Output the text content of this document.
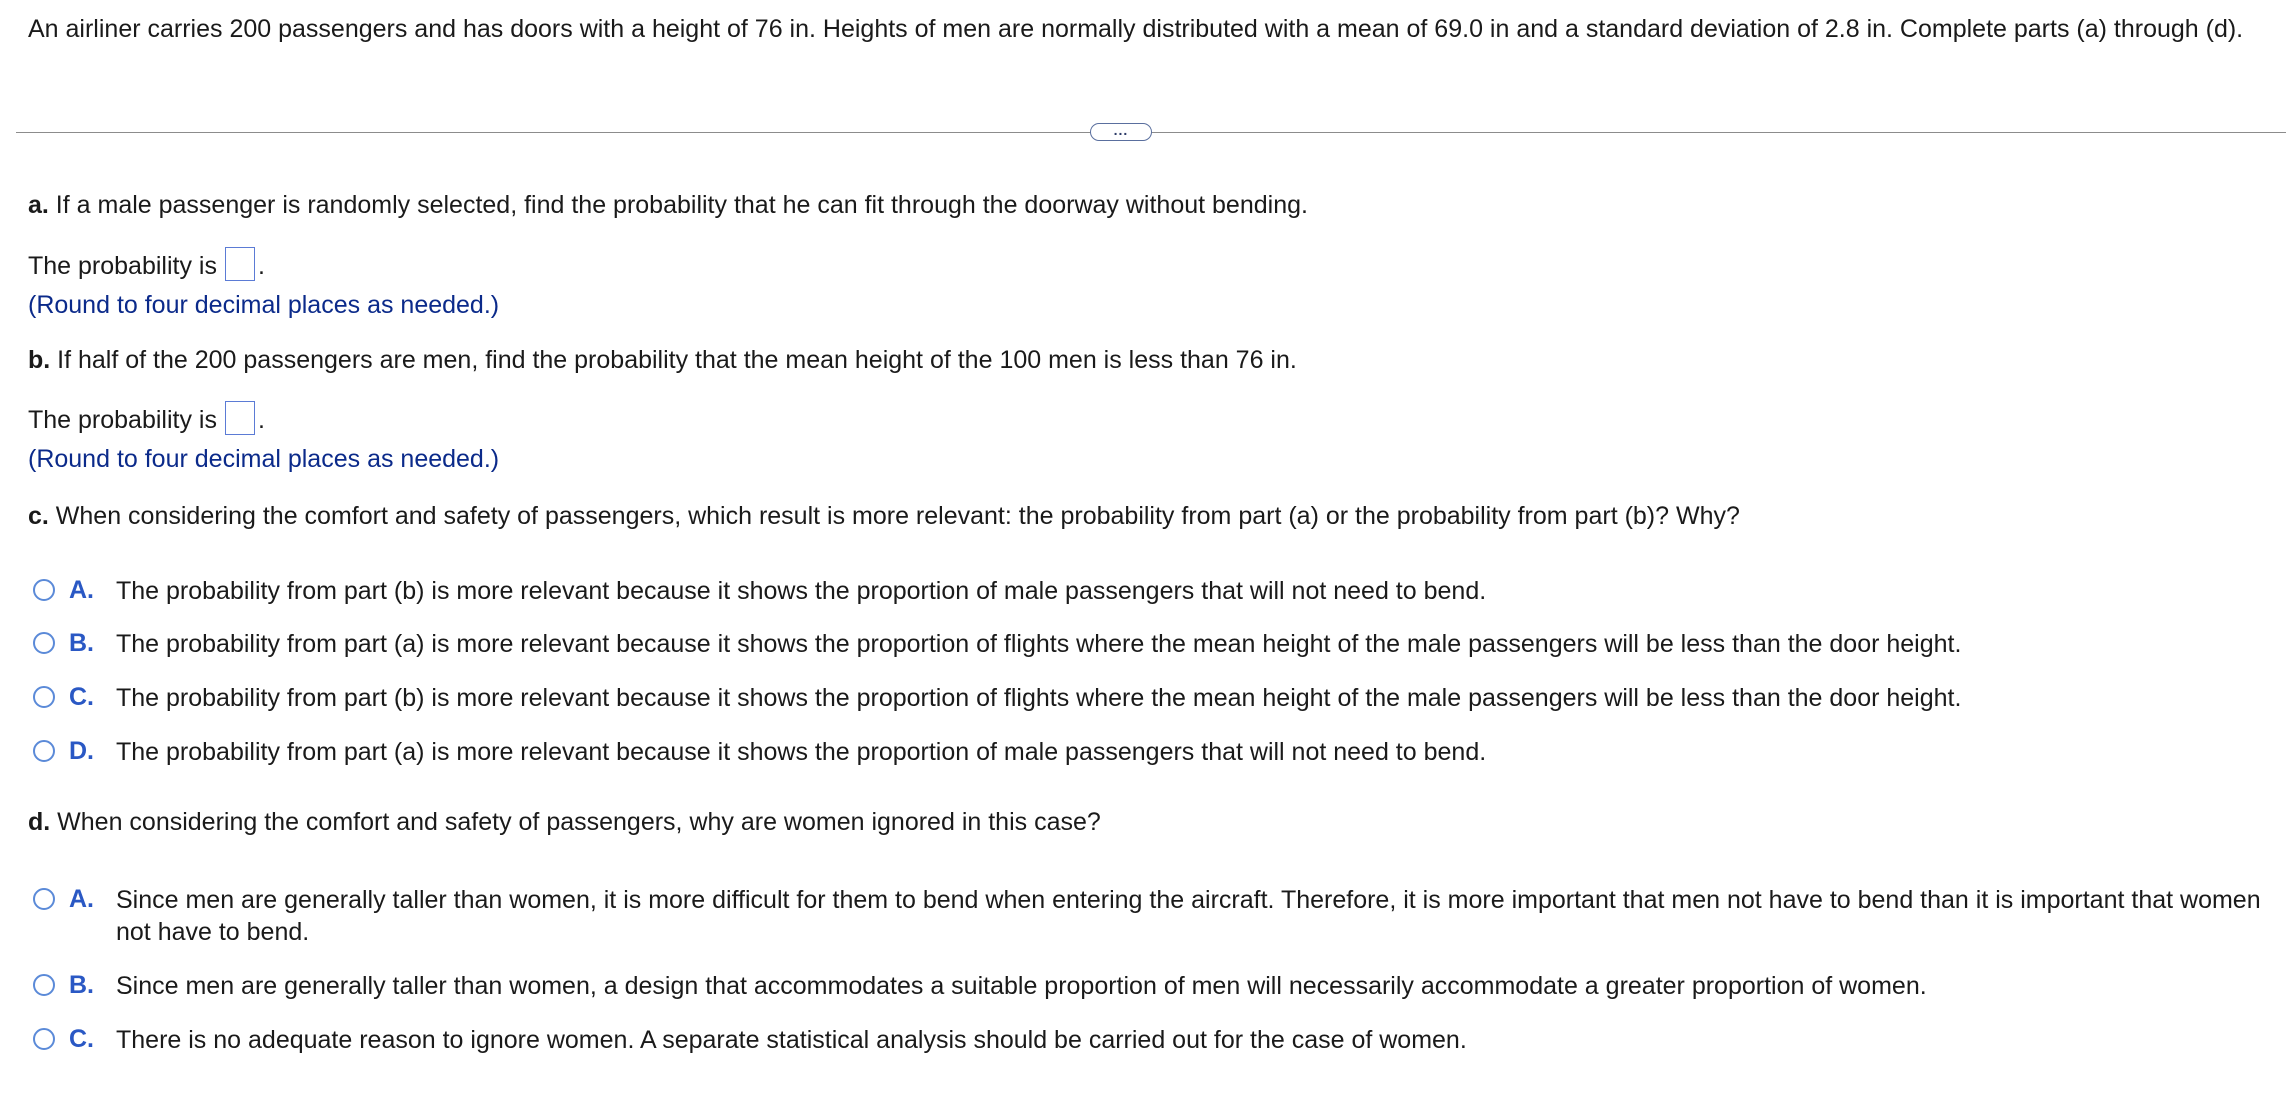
An airliner carries 200 passengers and has doors with a height of 76 in. Heights of men are normally distributed with a mean of 69.0 in and a standard deviation of 2.8 in. Complete parts (a) through (d).
...
a. If a male passenger is randomly selected, find the probability that he can fit through the doorway without bending.
The probability is .
(Round to four decimal places as needed.)
b. If half of the 200 passengers are men, find the probability that the mean height of the 100 men is less than 76 in.
The probability is .
(Round to four decimal places as needed.)
c. When considering the comfort and safety of passengers, which result is more relevant: the probability from part (a) or the probability from part (b)? Why?
A. The probability from part (b) is more relevant because it shows the proportion of male passengers that will not need to bend.
B. The probability from part (a) is more relevant because it shows the proportion of flights where the mean height of the male passengers will be less than the door height.
C. The probability from part (b) is more relevant because it shows the proportion of flights where the mean height of the male passengers will be less than the door height.
D. The probability from part (a) is more relevant because it shows the proportion of male passengers that will not need to bend.
d. When considering the comfort and safety of passengers, why are women ignored in this case?
A. Since men are generally taller than women, it is more difficult for them to bend when entering the aircraft. Therefore, it is more important that men not have to bend than it is important that women not have to bend.
B. Since men are generally taller than women, a design that accommodates a suitable proportion of men will necessarily accommodate a greater proportion of women.
C. There is no adequate reason to ignore women. A separate statistical analysis should be carried out for the case of women.
